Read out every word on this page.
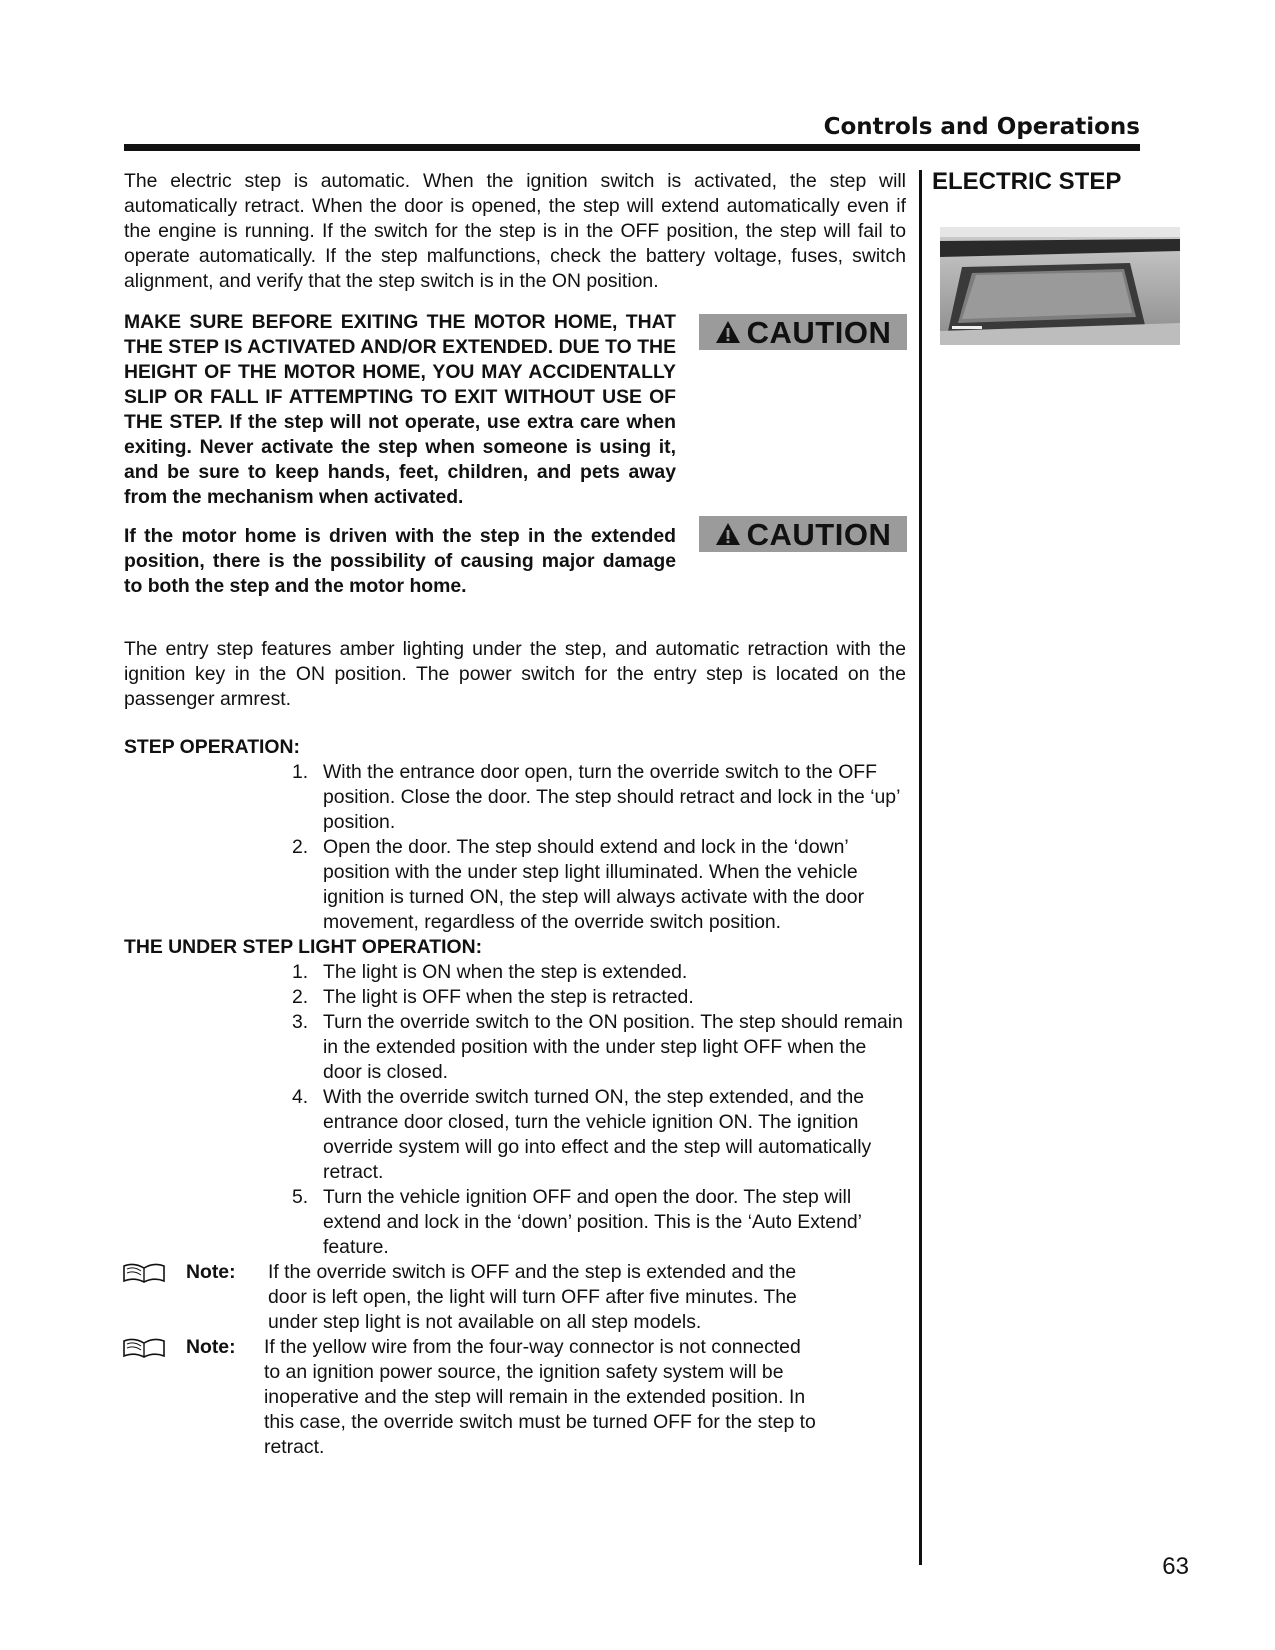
Controls and Operations

The electric step is automatic. When the ignition switch is activated, the step will automatically retract. When the door is opened, the step will extend automatically even if the engine is running. If the switch for the step is in the OFF position, the step will fail to operate automatically. If the step malfunctions, check the battery voltage, fuses, switch alignment, and verify that the step switch is in the ON position.

MAKE SURE BEFORE EXITING THE MOTOR HOME, THAT THE STEP IS ACTIVATED AND/OR EXTENDED. DUE TO THE HEIGHT OF THE MOTOR HOME, YOU MAY ACCIDENTALLY SLIP OR FALL IF ATTEMPTING TO EXIT WITHOUT USE OF THE STEP. If the step will not operate, use extra care when exiting. Never activate the step when someone is using it, and be sure to keep hands, feet, children, and pets away from the mechanism when activated.

CAUTION

If the motor home is driven with the step in the extended position, there is the possibility of causing major damage to both the step and the motor home.

CAUTION

The entry step features amber lighting under the step, and automatic retraction with the ignition key in the ON position. The power switch for the entry step is located on the passenger armrest.

STEP OPERATION:

1. With the entrance door open, turn the override switch to the OFF position. Close the door. The step should retract and lock in the ‘up’ position.
2. Open the door. The step should extend and lock in the ‘down’ position with the under step light illuminated. When the vehicle ignition is turned ON, the step will always activate with the door movement, regardless of the override switch position.

THE UNDER STEP LIGHT OPERATION:

1. The light is ON when the step is extended.
2. The light is OFF when the step is retracted.
3. Turn the override switch to the ON position. The step should remain in the extended position with the under step light OFF when the door is closed.
4. With the override switch turned ON, the step extended, and the entrance door closed, turn the vehicle ignition ON. The ignition override system will go into effect and the step will automatically retract.
5. Turn the vehicle ignition OFF and open the door. The step will extend and lock in the ‘down’ position. This is the ‘Auto Extend’ feature.
Note:	If the override switch is OFF and the step is extended and the door is left open, the light will turn OFF after five minutes. The under step light is not available on all step models.
Note:	If the yellow wire from the four-way connector is not connected to an ignition power source, the ignition safety system will be inoperative and the step will remain in the extended position. In this case, the override switch must be turned OFF for the step to retract.
ELECTRIC STEP
63
